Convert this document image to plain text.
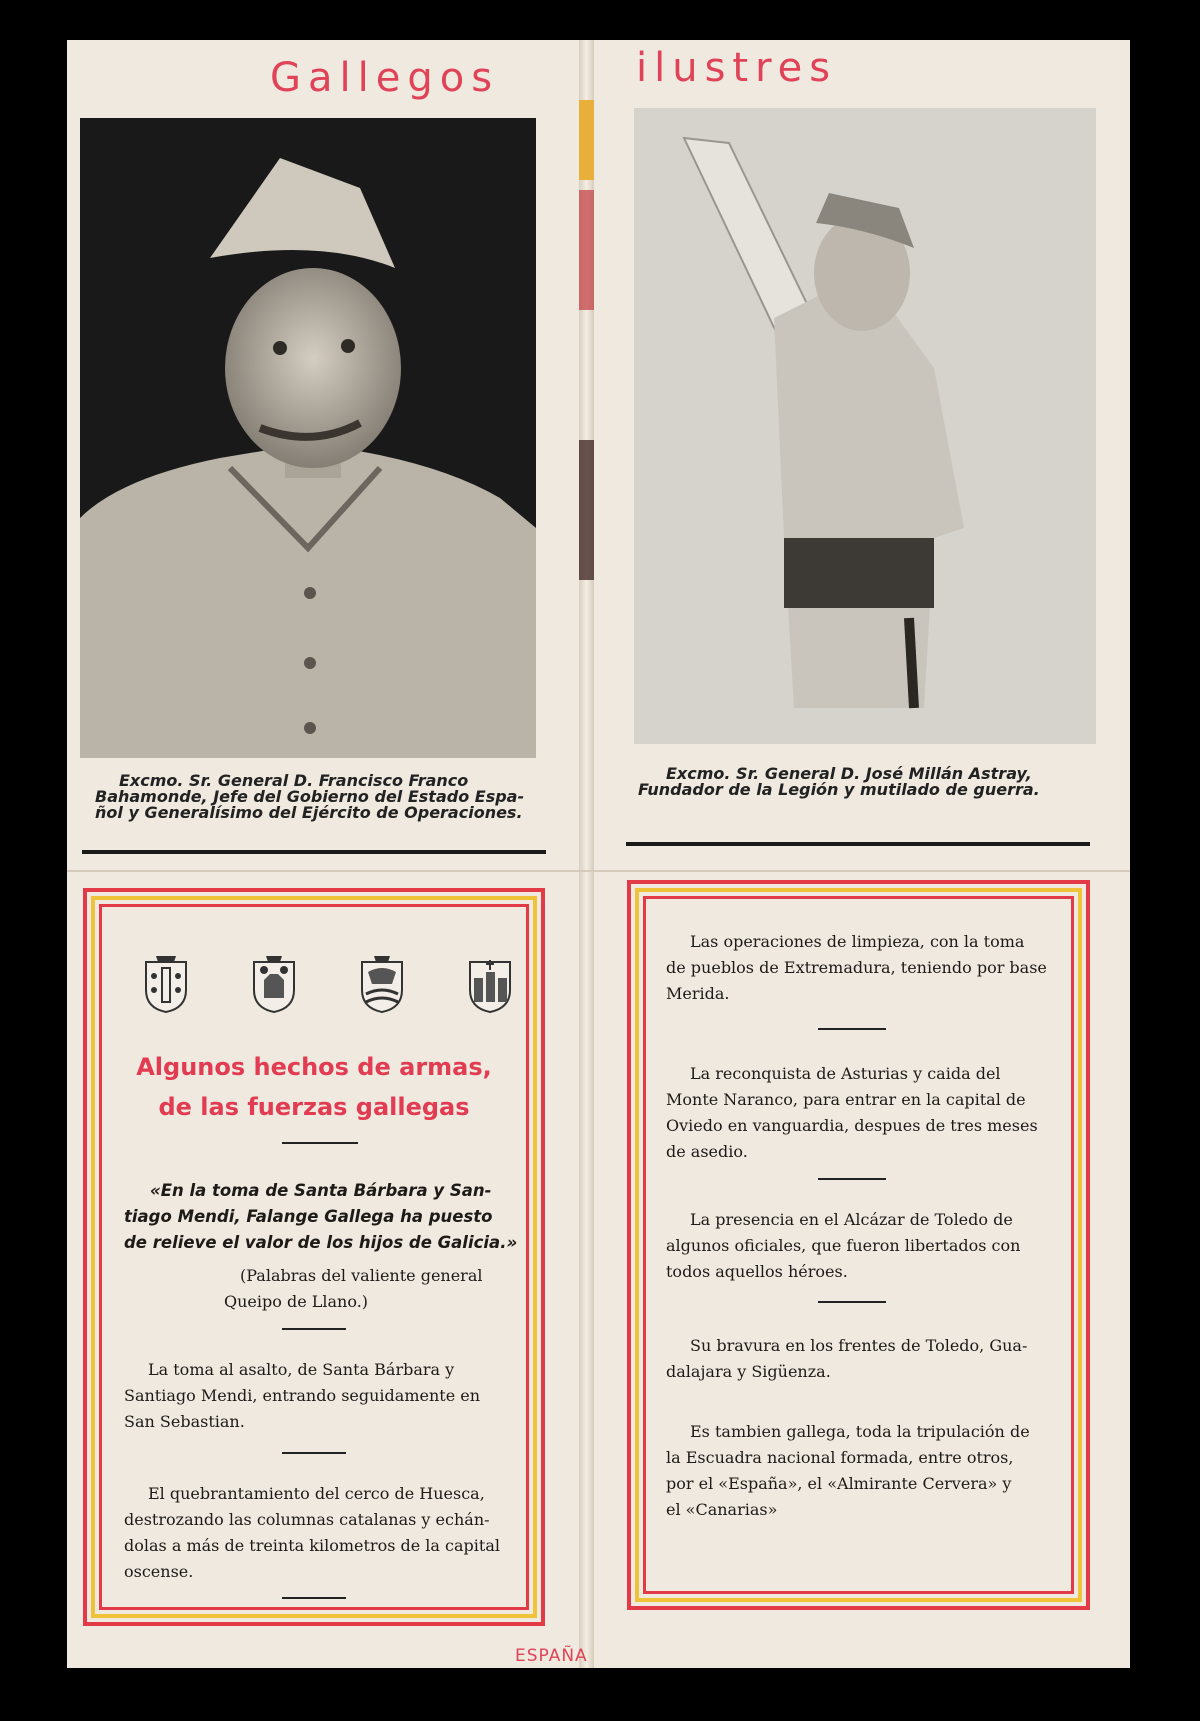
Gallegos	ilustres
Excmo. Sr. General D. Francisco Franco
Bahamonde, Jefe del Gobierno del Estado Espa-
ñol y Generalísimo del Ejército de Operaciones.
Excmo. Sr. General D. José Millán Astray,
Fundador de la Legión y mutilado de guerra.
Algunos hechos de armas,
de las fuerzas gallegas
«En la toma de Santa Bárbara y San-
tiago Mendi, Falange Gallega ha puesto
de relieve el valor de los hijos de Galicia.»
(Palabras del valiente general
Queipo de Llano.)
La toma al asalto, de Santa Bárbara y
Santiago Mendi, entrando seguidamente en
San Sebastian.
El quebrantamiento del cerco de Huesca,
destrozando las columnas catalanas y echán-
dolas a más de treinta kilometros de la capital
oscense.
Las operaciones de limpieza, con la toma
de pueblos de Extremadura, teniendo por base
Merida.
La reconquista de Asturias y caida del
Monte Naranco, para entrar en la capital de
Oviedo en vanguardia, despues de tres meses
de asedio.
La presencia en el Alcázar de Toledo de
algunos oficiales, que fueron libertados con
todos aquellos héroes.
Su bravura en los frentes de Toledo, Gua-
dalajara y Sigüenza.
Es tambien gallega, toda la tripulación de
la Escuadra nacional formada, entre otros,
por el «España», el «Almirante Cervera» y
el «Canarias»
ESPAÑA
